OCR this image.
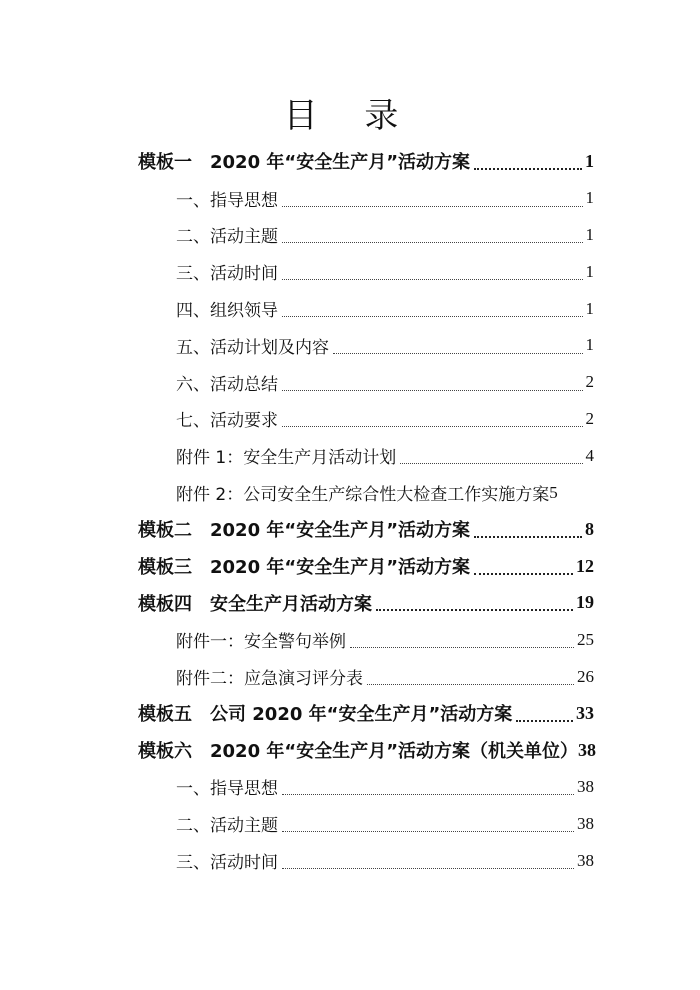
目 录
模板一　2020 年“安全生产月”活动方案	1
一、指导思想	1
二、活动主题	1
三、活动时间	1
四、组织领导	1
五、活动计划及内容	1
六、活动总结	2
七、活动要求	2
附件 1：安全生产月活动计划	4
附件 2：公司安全生产综合性大检查工作实施方案 5
模板二　2020 年“安全生产月”活动方案	8
模板三　2020 年“安全生产月”活动方案	12
模板四　安全生产月活动方案	19
附件一：安全警句举例	25
附件二：应急演习评分表	26
模板五　公司 2020 年“安全生产月”活动方案	33
模板六　2020 年“安全生产月”活动方案（机关单位） 38
一、指导思想	38
二、活动主题	38
三、活动时间	38
